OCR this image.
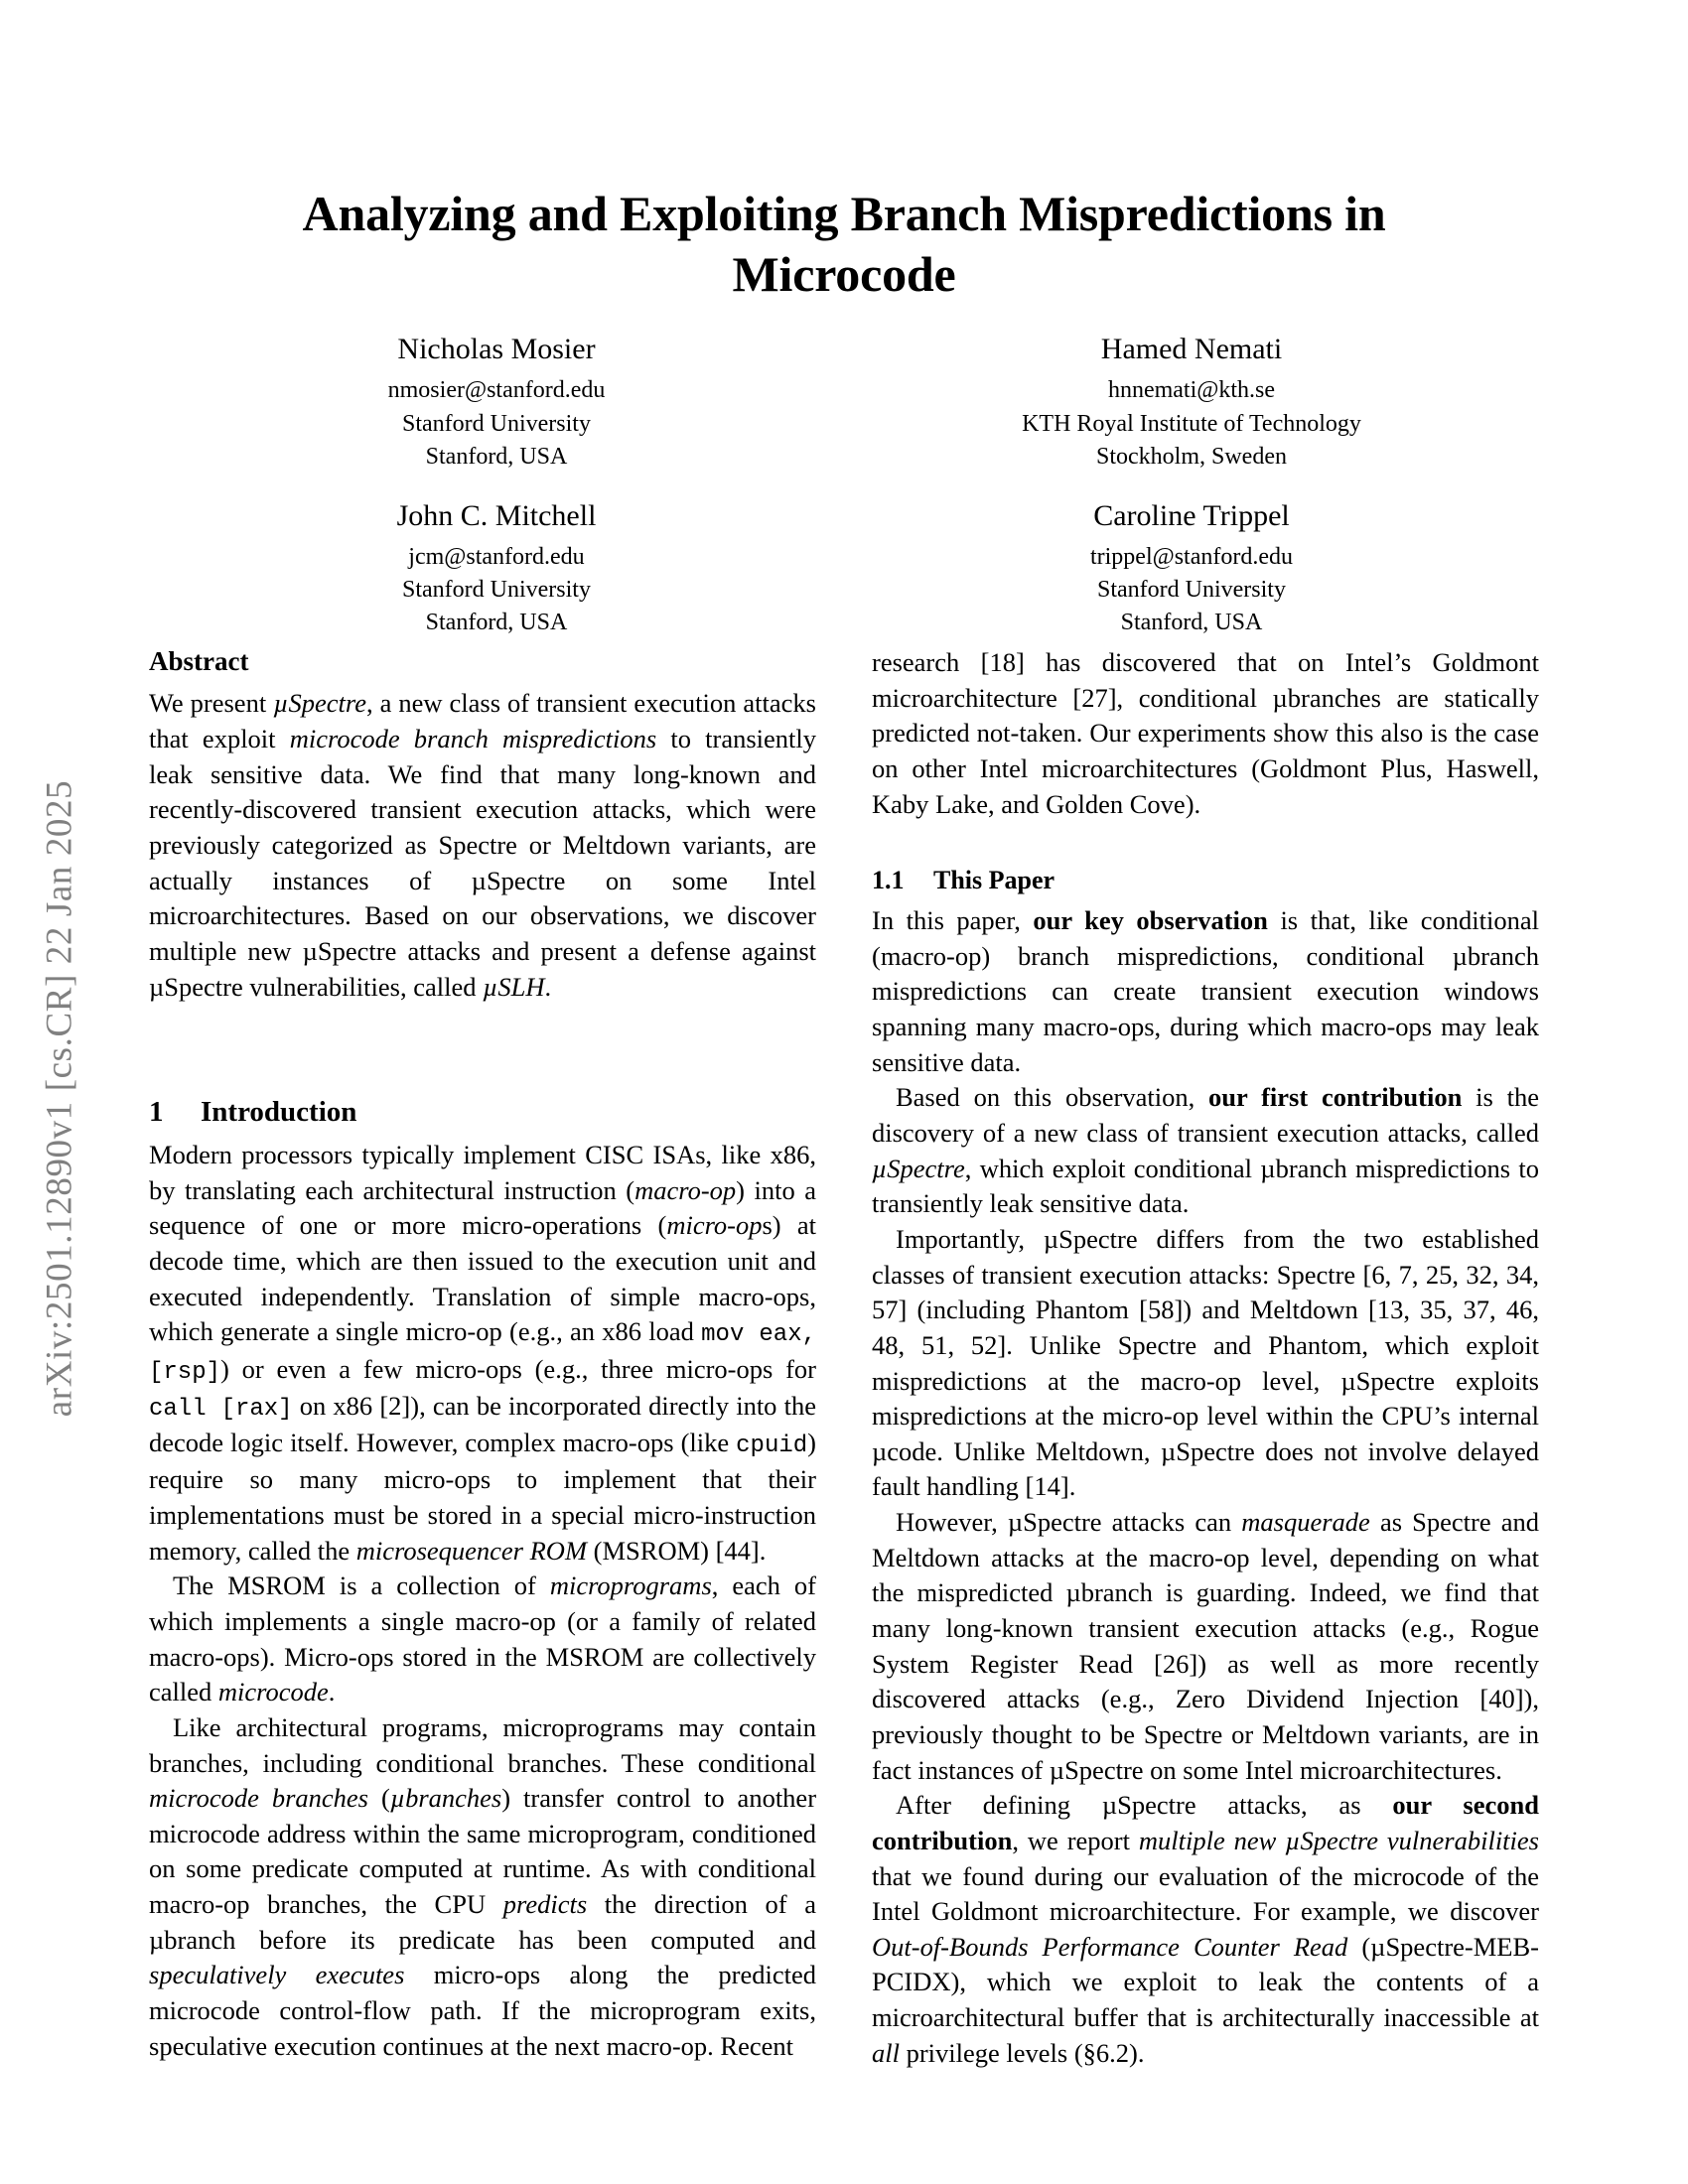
arXiv:2501.12890v1 [cs.CR] 22 Jan 2025
Analyzing and Exploiting Branch Mispredictions in Microcode
Nicholas Mosier
nmosier@stanford.edu
Stanford University
Stanford, USA
Hamed Nemati
hnnemati@kth.se
KTH Royal Institute of Technology
Stockholm, Sweden
John C. Mitchell
jcm@stanford.edu
Stanford University
Stanford, USA
Caroline Trippel
trippel@stanford.edu
Stanford University
Stanford, USA
Abstract

We present µSpectre, a new class of transient execution attacks that exploit microcode branch mispredictions to transiently leak sensitive data. We find that many long-known and recently-discovered transient execution attacks, which were previously categorized as Spectre or Meltdown variants, are actually instances of µSpectre on some Intel microarchitectures. Based on our observations, we discover multiple new µSpectre attacks and present a defense against µSpectre vulnerabilities, called µSLH.

1 Introduction

Modern processors typically implement CISC ISAs, like x86, by translating each architectural instruction (macro-op) into a sequence of one or more micro-operations (micro-ops) at decode time, which are then issued to the execution unit and executed independently. Translation of simple macro-ops, which generate a single micro-op (e.g., an x86 load mov eax, [rsp]) or even a few micro-ops (e.g., three micro-ops for call [rax] on x86 [2]), can be incorporated directly into the decode logic itself. However, complex macro-ops (like cpuid) require so many micro-ops to implement that their implementations must be stored in a special micro-instruction memory, called the microsequencer ROM (MSROM) [44].

The MSROM is a collection of microprograms, each of which implements a single macro-op (or a family of related macro-ops). Micro-ops stored in the MSROM are collectively called microcode.

Like architectural programs, microprograms may contain branches, including conditional branches. These conditional microcode branches (µbranches) transfer control to another microcode address within the same microprogram, conditioned on some predicate computed at runtime. As with conditional macro-op branches, the CPU predicts the direction of a µbranch before its predicate has been computed and speculatively executes micro-ops along the predicted microcode control-flow path. If the microprogram exits, speculative execution continues at the next macro-op. Recent

research [18] has discovered that on Intel’s Goldmont microarchitecture [27], conditional µbranches are statically predicted not-taken. Our experiments show this also is the case on other Intel microarchitectures (Goldmont Plus, Haswell, Kaby Lake, and Golden Cove).

1.1 This Paper

In this paper, our key observation is that, like conditional (macro-op) branch mispredictions, conditional µbranch mispredictions can create transient execution windows spanning many macro-ops, during which macro-ops may leak sensitive data.

Based on this observation, our first contribution is the discovery of a new class of transient execution attacks, called µSpectre, which exploit conditional µbranch mispredictions to transiently leak sensitive data.

Importantly, µSpectre differs from the two established classes of transient execution attacks: Spectre [6, 7, 25, 32, 34, 57] (including Phantom [58]) and Meltdown [13, 35, 37, 46, 48, 51, 52]. Unlike Spectre and Phantom, which exploit mispredictions at the macro-op level, µSpectre exploits mispredictions at the micro-op level within the CPU’s internal µcode. Unlike Meltdown, µSpectre does not involve delayed fault handling [14].

However, µSpectre attacks can masquerade as Spectre and Meltdown attacks at the macro-op level, depending on what the mispredicted µbranch is guarding. Indeed, we find that many long-known transient execution attacks (e.g., Rogue System Register Read [26]) as well as more recently discovered attacks (e.g., Zero Dividend Injection [40]), previously thought to be Spectre or Meltdown variants, are in fact instances of µSpectre on some Intel microarchitectures.

After defining µSpectre attacks, as our second contribution, we report multiple new µSpectre vulnerabilities that we found during our evaluation of the microcode of the Intel Goldmont microarchitecture. For example, we discover Out-of-Bounds Performance Counter Read (µSpectre-MEB-PCIDX), which we exploit to leak the contents of a microarchitectural buffer that is architecturally inaccessible at all privilege levels (§6.2).
